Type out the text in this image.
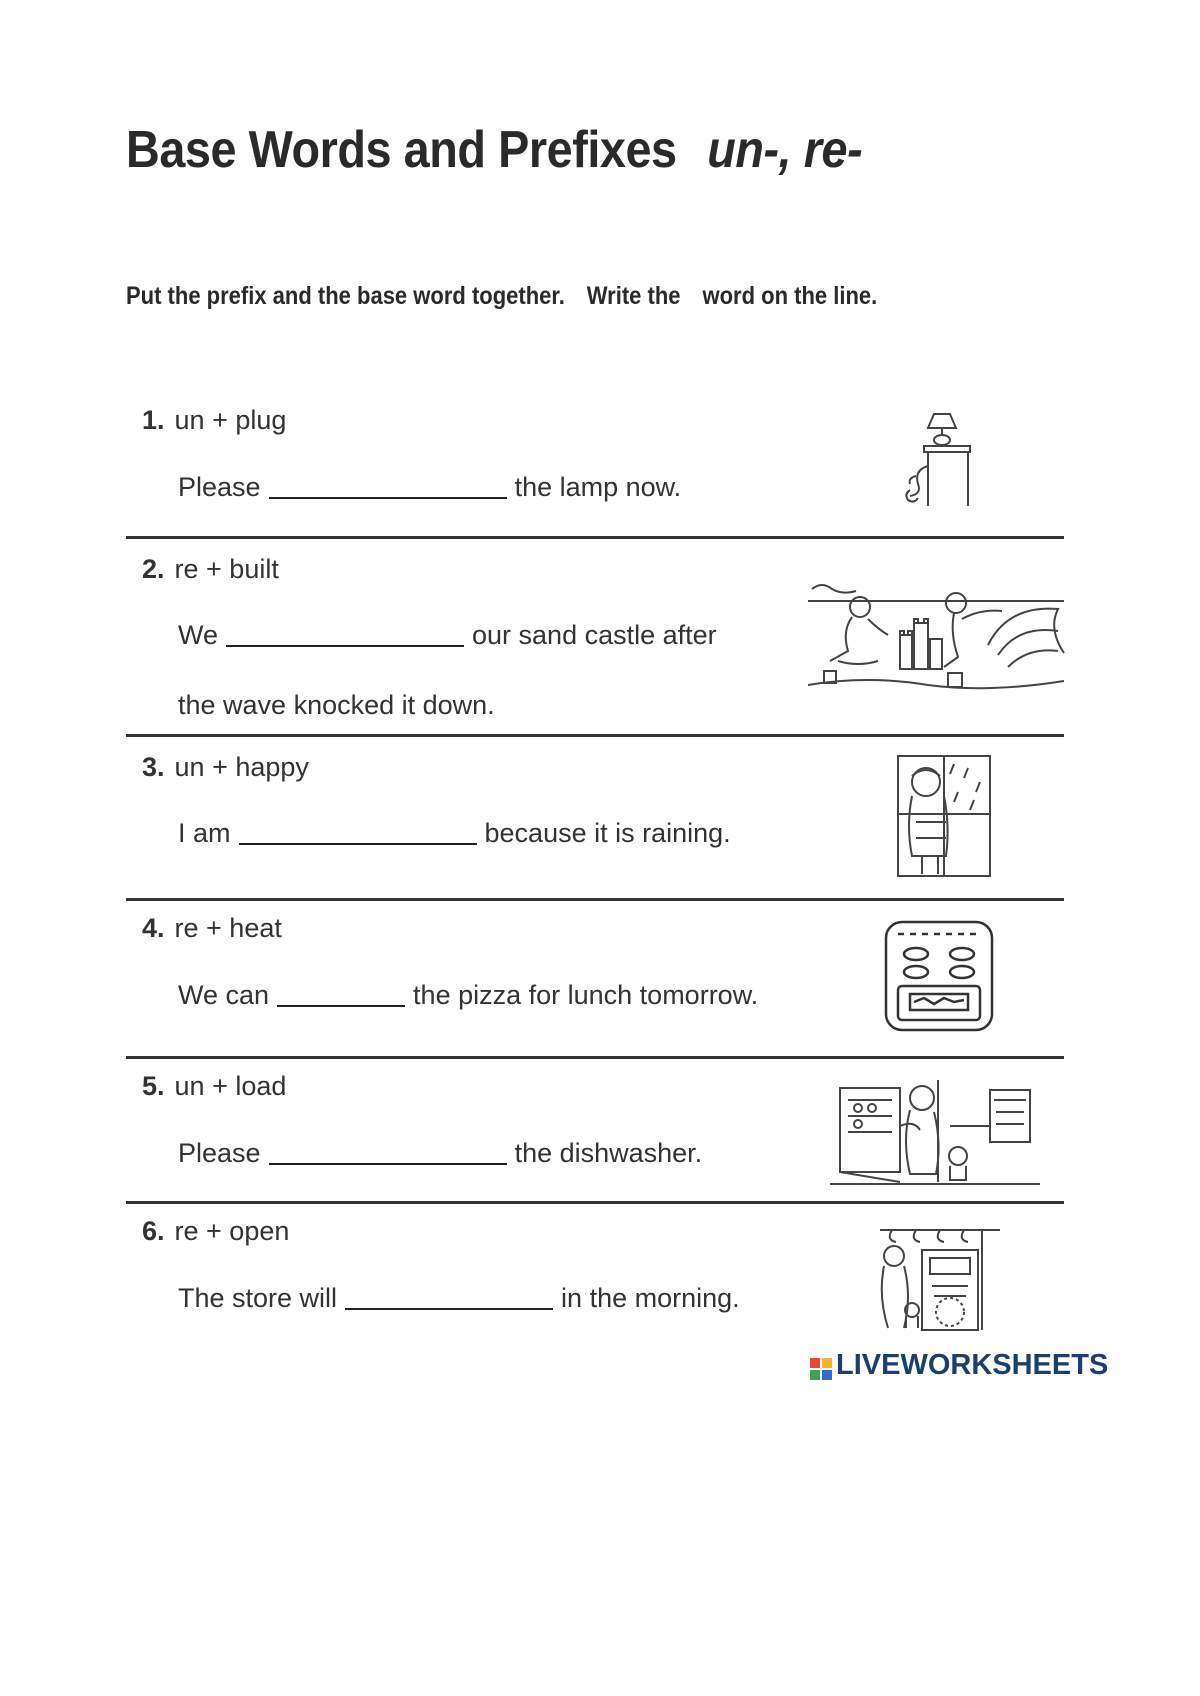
Base Words and Prefixes un-, re-
Put the prefix and the base word together. Write the word on the line.
1. un + plug
Please	the lamp now.
2. re + built
We	our sand castle after
the wave knocked it down.
3. un + happy
I am	because it is raining.
4. re + heat
We can	the pizza for lunch tomorrow.
5. un + load
Please	the dishwasher.
6. re + open
The store will	in the morning.
LIVEWORKSHEETS
